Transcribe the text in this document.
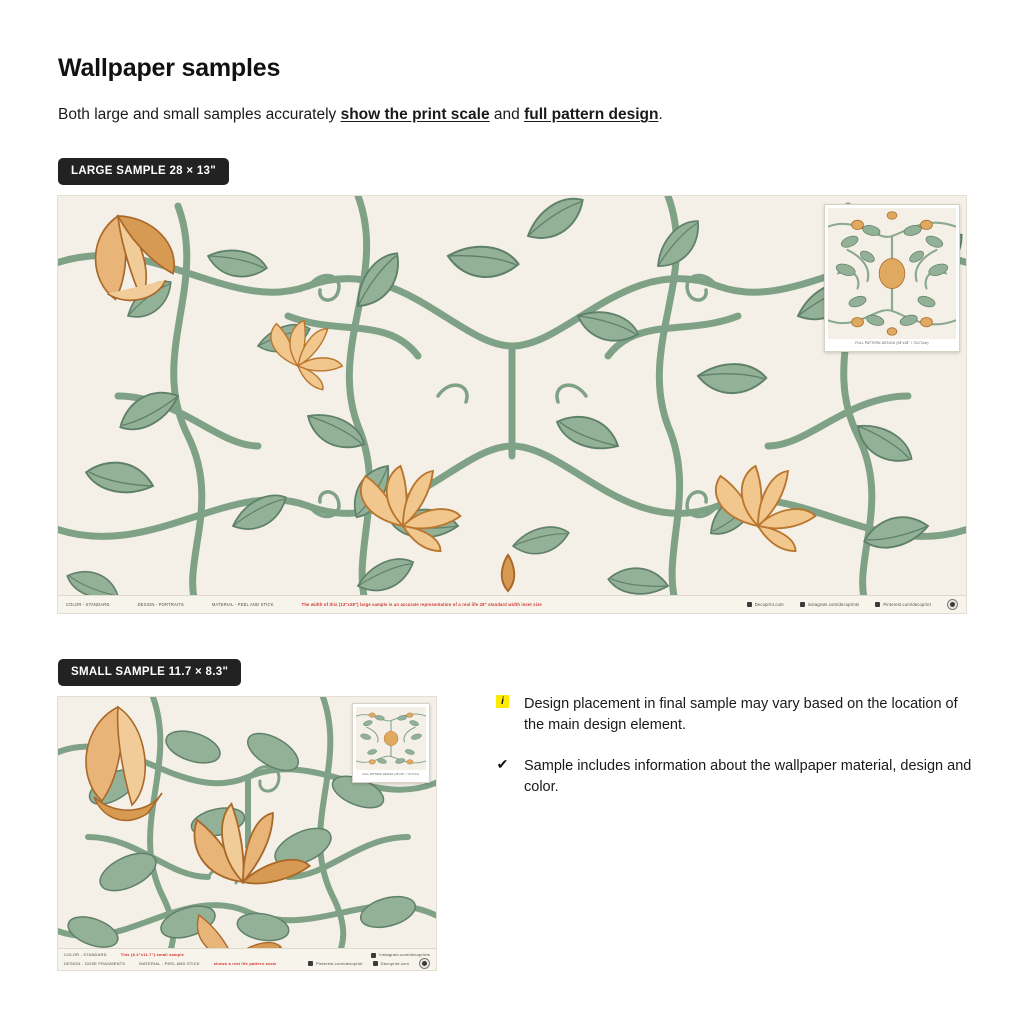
Wallpaper samples
Both large and small samples accurately show the print scale and full pattern design.
LARGE SAMPLE 28 × 13"
FULL PATTERN DESIGN (28"x28" / 72x72cm)
COLOR - STANDARD	DESIGN - PORTRAITS	MATERIAL - PEEL AND STICK	The width of this (13"x28") large sample is an accurate representation of a real life 28" standard width inset size	Decoprint.com	instagram.com/decoprints	Pinterest.com/decoprint
SMALL SAMPLE 11.7 × 8.3"
FULL PATTERN DESIGN (28"x28" / 72x72cm)
COLOR - STANDARD	This (8.3"x11.7") small sample	instagram.com/decoprints
DESIGN - GOSE FRAGMENTS	MATERIAL - PEEL AND STICK	shows a real life pattern scale	Pinterest.com/decoprint	Decoprint.com
i	Design placement in final sample may vary based on the location of the main design element.
✔ Sample includes information about the wallpaper material, design and color.
